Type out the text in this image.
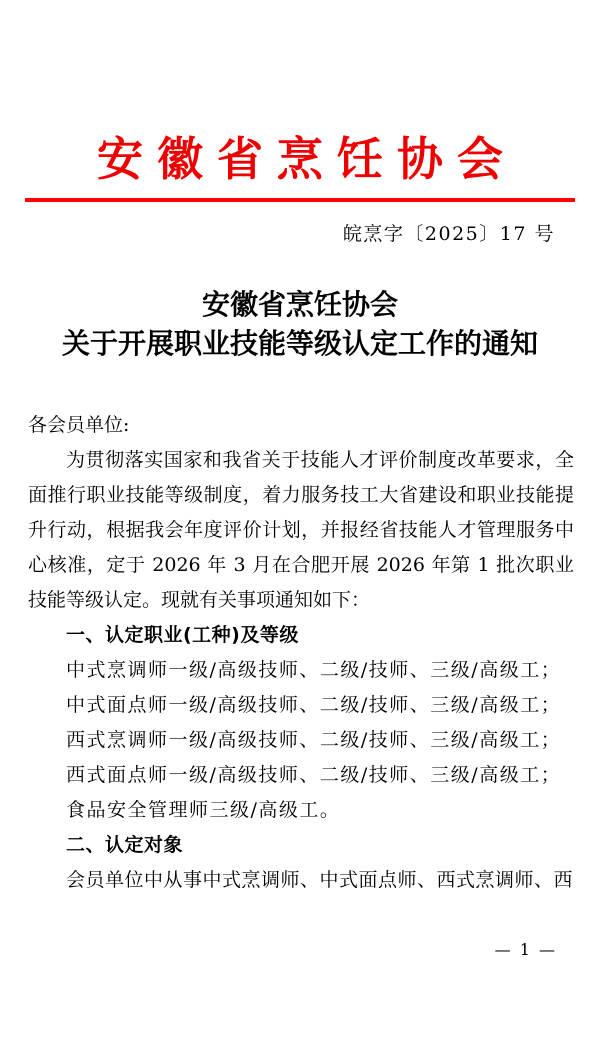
安徽省烹饪协会
皖烹字〔2025〕17 号
安徽省烹饪协会
关于开展职业技能等级认定工作的通知

各会员单位:

为贯彻落实国家和我省关于技能人才评价制度改革要求，全面推行职业技能等级制度，着力服务技工大省建设和职业技能提升行动，根据我会年度评价计划，并报经省技能人才管理服务中心核准，定于 2026 年 3 月在合肥开展 2026 年第 1 批次职业技能等级认定。现就有关事项通知如下：

一、认定职业(工种)及等级

中式烹调师一级/高级技师、二级/技师、三级/高级工；

中式面点师一级/高级技师、二级/技师、三级/高级工；

西式烹调师一级/高级技师、二级/技师、三级/高级工；

西式面点师一级/高级技师、二级/技师、三级/高级工；

食品安全管理师三级/高级工。

二、认定对象

会员单位中从事中式烹调师、中式面点师、西式烹调师、西

— 1 —
